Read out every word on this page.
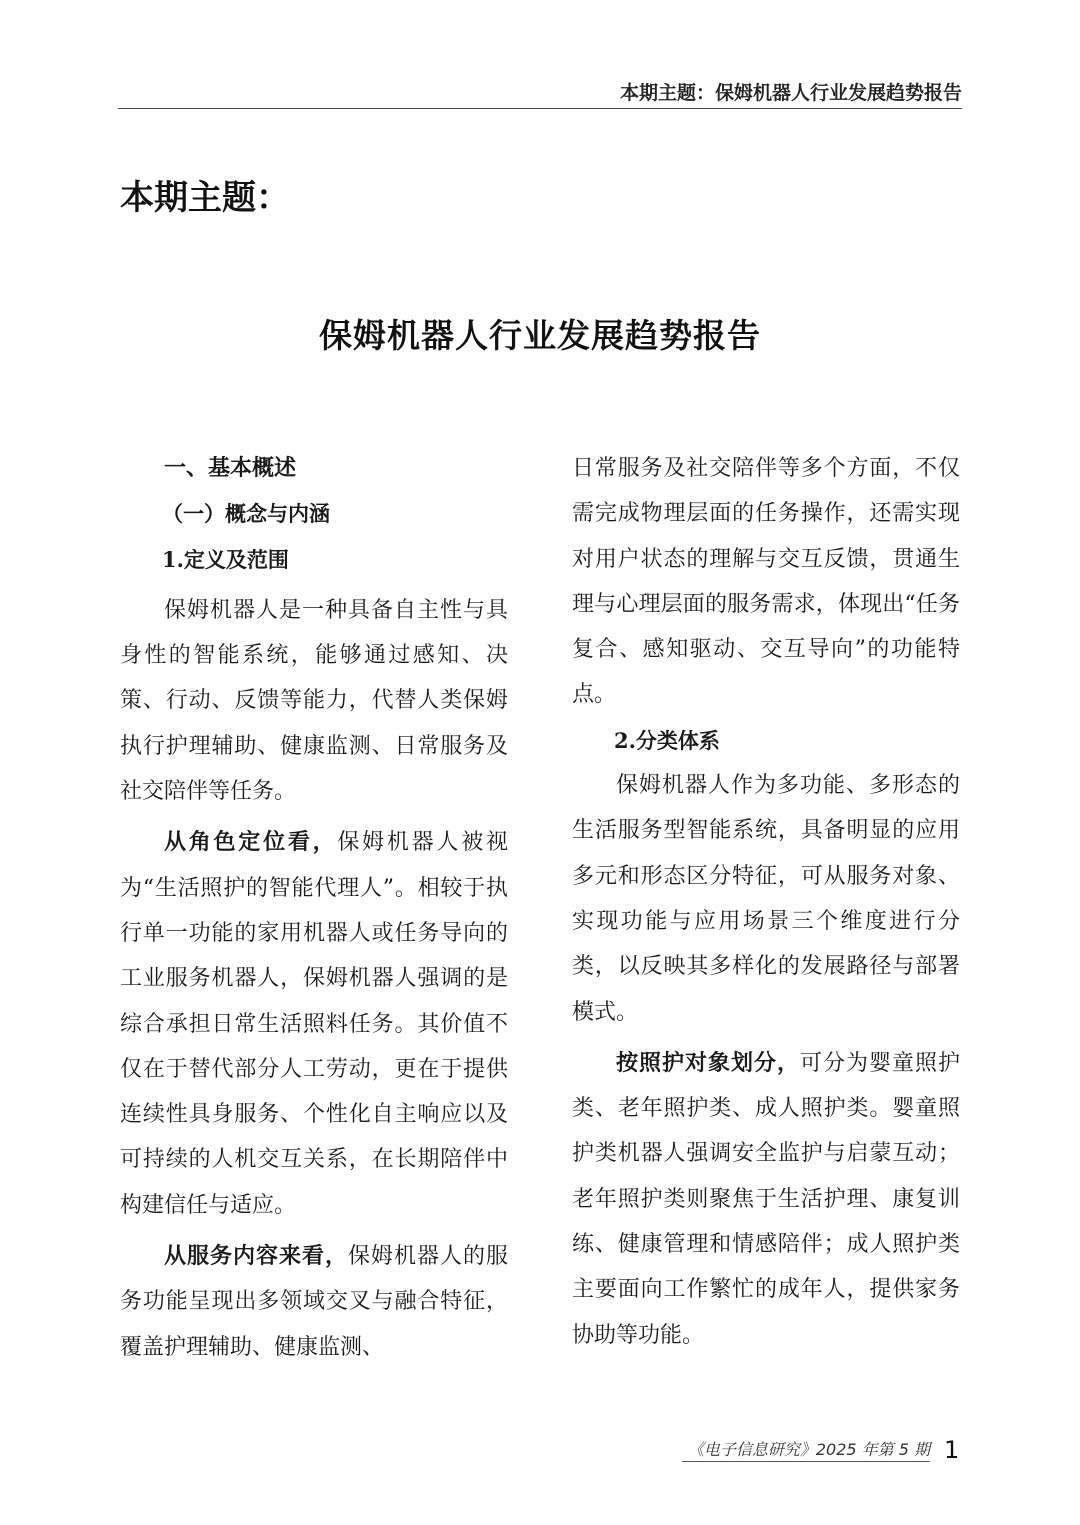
本期主题：保姆机器人行业发展趋势报告
本期主题：
保姆机器人行业发展趋势报告
一、基本概述
（一）概念与内涵
1.定义及范围

保姆机器人是一种具备自主性与具身性的智能系统，能够通过感知、决策、行动、反馈等能力，代替人类保姆执行护理辅助、健康监测、日常服务及社交陪伴等任务。

从角色定位看，保姆机器人被视为“生活照护的智能代理人”。相较于执行单一功能的家用机器人或任务导向的工业服务机器人，保姆机器人强调的是综合承担日常生活照料任务。其价值不仅在于替代部分人工劳动，更在于提供连续性具身服务、个性化自主响应以及可持续的人机交互关系，在长期陪伴中构建信任与适应。

从服务内容来看，保姆机器人的服务功能呈现出多领域交叉与融合特征，覆盖护理辅助、健康监测、

日常服务及社交陪伴等多个方面，不仅需完成物理层面的任务操作，还需实现对用户状态的理解与交互反馈，贯通生理与心理层面的服务需求，体现出“任务复合、感知驱动、交互导向”的功能特点。

2.分类体系

保姆机器人作为多功能、多形态的生活服务型智能系统，具备明显的应用多元和形态区分特征，可从服务对象、实现功能与应用场景三个维度进行分类，以反映其多样化的发展路径与部署模式。

按照护对象划分，可分为婴童照护类、老年照护类、成人照护类。婴童照护类机器人强调安全监护与启蒙互动；老年照护类则聚焦于生活护理、康复训练、健康管理和情感陪伴；成人照护类主要面向工作繁忙的成年人，提供家务协助等功能。

《电子信息研究》2025 年第 5 期 1
